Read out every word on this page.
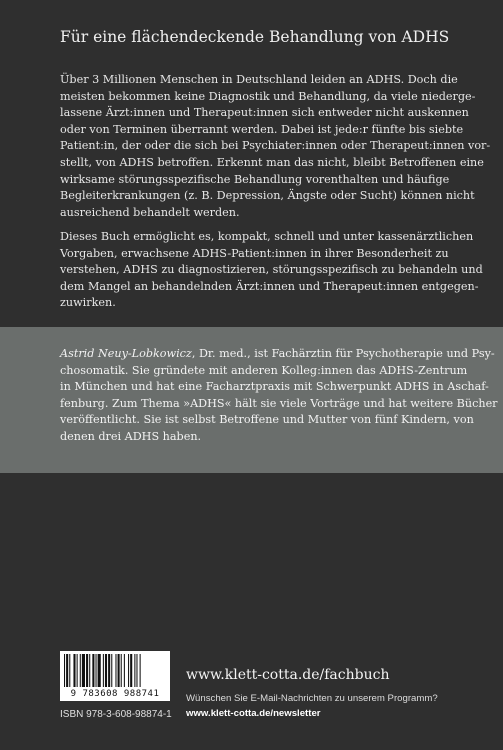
Für eine flächendeckende Behandlung von ADHS
Über 3 Millionen Menschen in Deutschland leiden an ADHS. Doch die
meisten bekommen keine Diagnostik und Behandlung, da viele niederge-
lassene Ärzt:innen und Therapeut:innen sich entweder nicht auskennen
oder von Terminen überrannt werden. Dabei ist jede:r fünfte bis siebte
Patient:in, der oder die sich bei Psychiater:innen oder Therapeut:innen vor-
stellt, von ADHS betroffen. Erkennt man das nicht, bleibt Betroffenen eine
wirksame störungsspezifische Behandlung vorenthalten und häufige
Begleiterkrankungen (z. B. Depression, Ängste oder Sucht) können nicht
ausreichend behandelt werden.
Dieses Buch ermöglicht es, kompakt, schnell und unter kassenärztlichen
Vorgaben, erwachsene ADHS-Patient:innen in ihrer Besonderheit zu
verstehen, ADHS zu diagnostizieren, störungsspezifisch zu behandeln und
dem Mangel an behandelnden Ärzt:innen und Therapeut:innen entgegen-
zuwirken.
Astrid Neuy-Lobkowicz, Dr. med., ist Fachärztin für Psychotherapie und Psy-
chosomatik. Sie gründete mit anderen Kolleg:innen das ADHS-Zentrum
in München und hat eine Facharztpraxis mit Schwerpunkt ADHS in Aschaf-
fenburg. Zum Thema »ADHS« hält sie viele Vorträge und hat weitere Bücher
veröffentlicht. Sie ist selbst Betroffene und Mutter von fünf Kindern, von
denen drei ADHS haben.
9 783608 988741
ISBN 978-3-608-98874-1
www.klett-cotta.de/fachbuch
Wünschen Sie E-Mail-Nachrichten zu unserem Programm?
www.klett-cotta.de/newsletter
